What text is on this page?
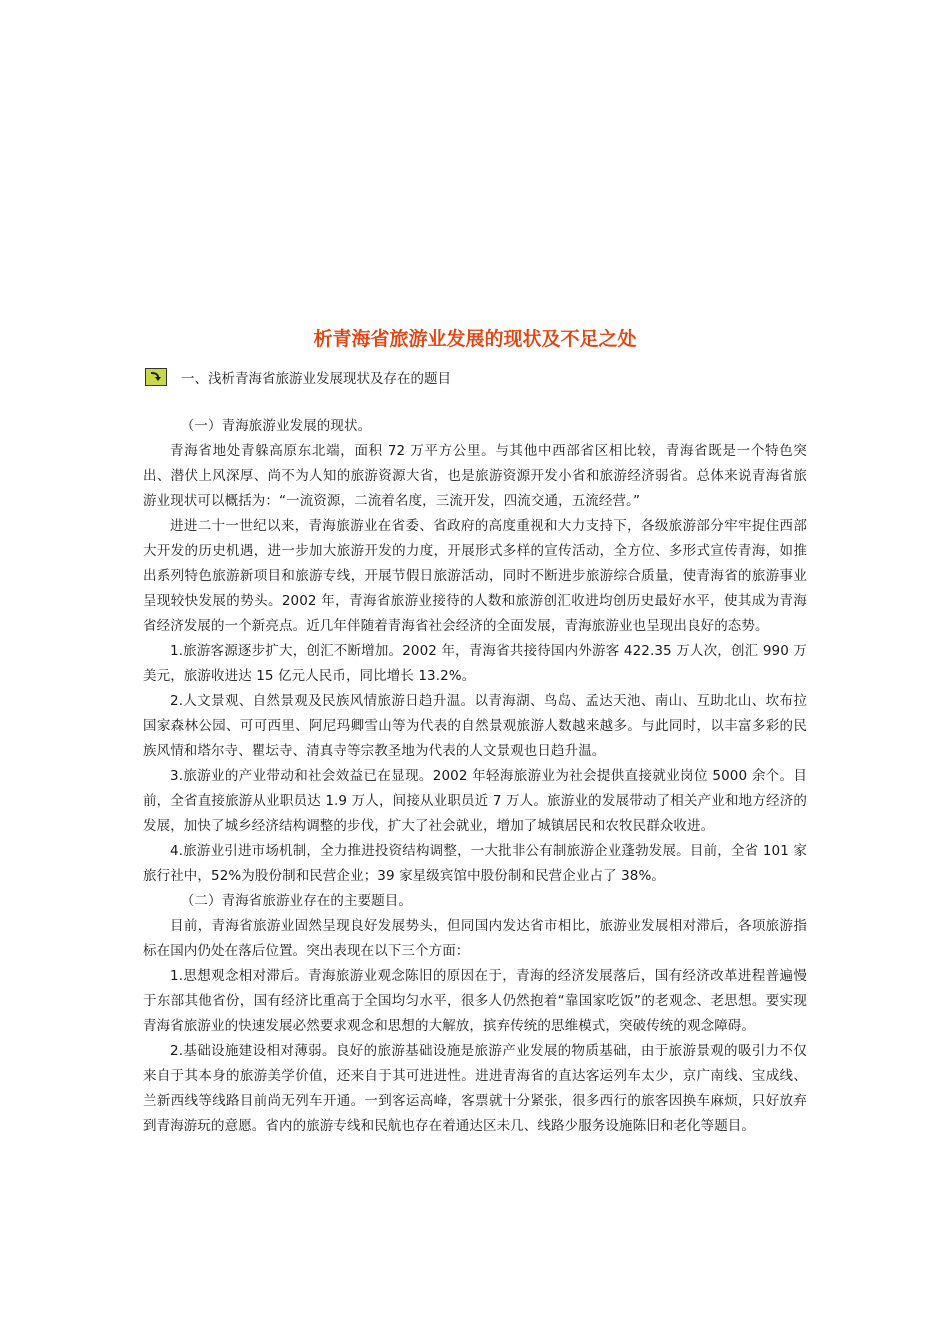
析青海省旅游业发展的现状及不足之处
一、浅析青海省旅游业发展现状及存在的题目

（一）青海旅游业发展的现状。

青海省地处青躲高原东北端，面积 72 万平方公里。与其他中西部省区相比较，青海省既是一个特色突出、潜伏上风深厚、尚不为人知的旅游资源大省，也是旅游资源开发小省和旅游经济弱省。总体来说青海省旅游业现状可以概括为：“一流资源，二流着名度，三流开发，四流交通，五流经营。”

进进二十一世纪以来，青海旅游业在省委、省政府的高度重视和大力支持下，各级旅游部分牢牢捉住西部大开发的历史机遇，进一步加大旅游开发的力度，开展形式多样的宣传活动，全方位、多形式宣传青海，如推出系列特色旅游新项目和旅游专线，开展节假日旅游活动，同时不断进步旅游综合质量，使青海省的旅游事业呈现较快发展的势头。2002 年，青海省旅游业接待的人数和旅游创汇收进均创历史最好水平，使其成为青海省经济发展的一个新亮点。近几年伴随着青海省社会经济的全面发展，青海旅游业也呈现出良好的态势。

1.旅游客源逐步扩大，创汇不断增加。2002 年，青海省共接待国内外游客 422.35 万人次，创汇 990 万美元，旅游收进达 15 亿元人民币，同比增长 13.2%。

2.人文景观、自然景观及民族风情旅游日趋升温。以青海湖、鸟岛、孟达天池、南山、互助北山、坎布拉国家森林公园、可可西里、阿尼玛卿雪山等为代表的自然景观旅游人数越来越多。与此同时，以丰富多彩的民族风情和塔尔寺、瞿坛寺、清真寺等宗教圣地为代表的人文景观也日趋升温。

3.旅游业的产业带动和社会效益已在显现。2002 年轻海旅游业为社会提供直接就业岗位 5000 余个。目前，全省直接旅游从业职员达 1.9 万人，间接从业职员近 7 万人。旅游业的发展带动了相关产业和地方经济的发展，加快了城乡经济结构调整的步伐，扩大了社会就业，增加了城镇居民和农牧民群众收进。

4.旅游业引进市场机制，全力推进投资结构调整，一大批非公有制旅游企业蓬勃发展。目前，全省 101 家旅行社中，52%为股份制和民营企业；39 家星级宾馆中股份制和民营企业占了 38%。

（二）青海省旅游业存在的主要题目。

目前，青海省旅游业固然呈现良好发展势头，但同国内发达省市相比，旅游业发展相对滞后，各项旅游指标在国内仍处在落后位置。突出表现在以下三个方面：

1.思想观念相对滞后。青海旅游业观念陈旧的原因在于，青海的经济发展落后，国有经济改革进程普遍慢于东部其他省份，国有经济比重高于全国均匀水平，很多人仍然抱着“靠国家吃饭”的老观念、老思想。要实现青海省旅游业的快速发展必然要求观念和思想的大解放，摈弃传统的思维模式，突破传统的观念障碍。

2.基础设施建设相对薄弱。良好的旅游基础设施是旅游产业发展的物质基础，由于旅游景观的吸引力不仅来自于其本身的旅游美学价值，还来自于其可进进性。进进青海省的直达客运列车太少，京广南线、宝成线、兰新西线等线路目前尚无列车开通。一到客运高峰，客票就十分紧张，很多西行的旅客因换车麻烦，只好放弃到青海游玩的意愿。省内的旅游专线和民航也存在着通达区未几、线路少服务设施陈旧和老化等题目。
